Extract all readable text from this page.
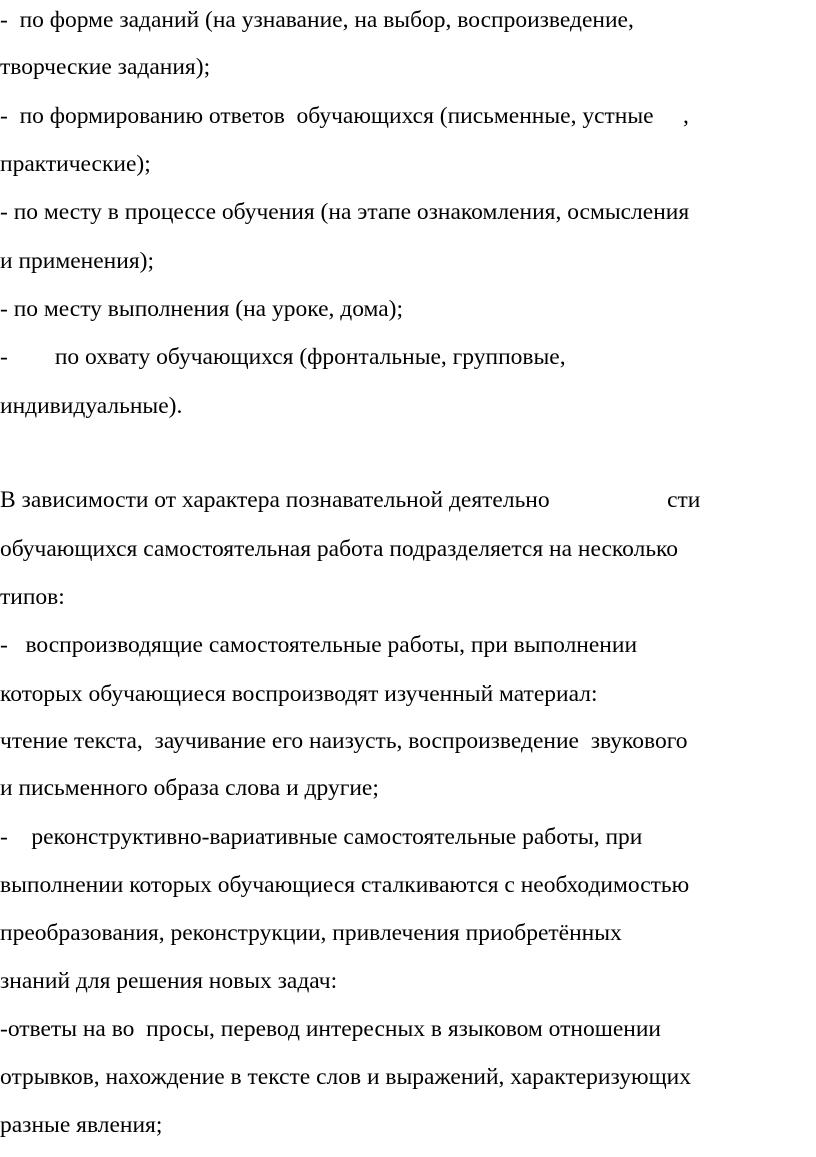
-  по форме заданий (на узнавание, на выбор, воспроизведение,
творческие задания);
-  по формированию ответов  обучающихся (письменные, устные     ,
практические);
- по месту в процессе обучения (на этапе ознакомления, осмысления
и применения);
- по месту выполнения (на уроке, дома);
-        по охвату обучающихся (фронтальные, групповые,
индивидуальные).
В зависимости от характера познавательной деятельно                    сти
обучающихся самостоятельная работа подразделяется на несколько
типов:
-   воспроизводящие самостоятельные работы, при выполнении
которых обучающиеся воспроизводят изученный материал:
чтение текста,  заучивание его наизусть, воспроизведение  звукового
и письменного образа слова и другие;
-    реконструктивно-вариативные самостоятельные работы, при
выполнении которых обучающиеся сталкиваются с необходимостью
преобразования, реконструкции, привлечения приобретённых
знаний для решения новых задач:
-ответы на во  просы, перевод интересных в языковом отношении
отрывков, нахождение в тексте слов и выражений, характеризующих
разные явления;
